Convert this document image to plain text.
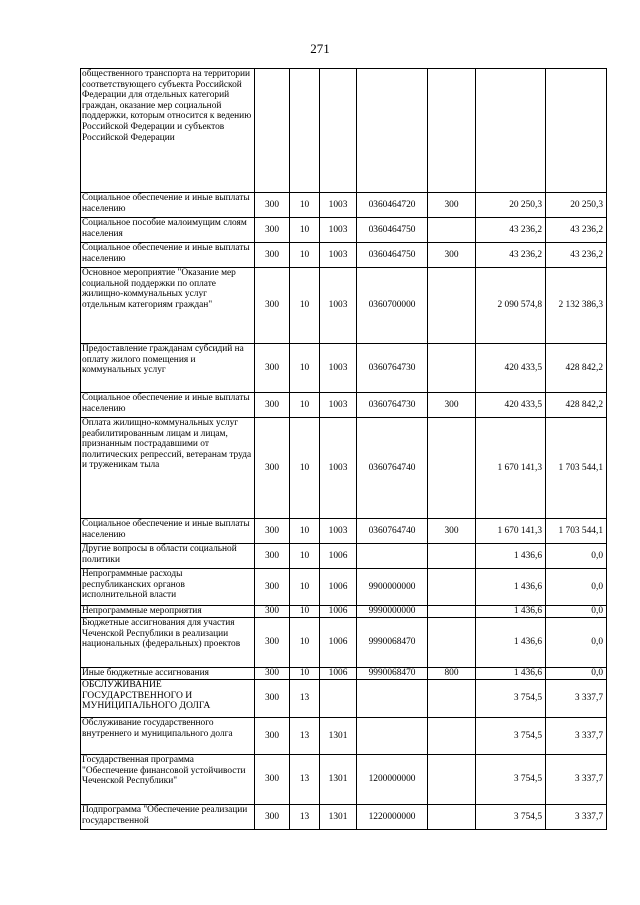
271
общественного транспорта на территории соответствующего субъекта Российской Федерации для отдельных категорий граждан, оказание мер социальной поддержки, которым относится к ведению Российской Федерации и субъектов Российской Федерации							
Социальное обеспечение и иные выплаты населению	300	10	1003	0360464720	300	20 250,3	20 250,3
Социальное пособие малоимущим слоям населения	300	10	1003	0360464750		43 236,2	43 236,2
Социальное обеспечение и иные выплаты населению	300	10	1003	0360464750	300	43 236,2	43 236,2
Основное мероприятие "Оказание мер социальной поддержки по оплате жилищно-коммунальных услуг отдельным категориям граждан"	300	10	1003	0360700000		2 090 574,8	2 132 386,3
Предоставление гражданам субсидий на оплату жилого помещения и коммунальных услуг	300	10	1003	0360764730		420 433,5	428 842,2
Социальное обеспечение и иные выплаты населению	300	10	1003	0360764730	300	420 433,5	428 842,2
Оплата жилищно-коммунальных услуг реабилитированным лицам и лицам, признанным пострадавшими от политических репрессий, ветеранам труда и труженикам тыла	300	10	1003	0360764740		1 670 141,3	1 703 544,1
Социальное обеспечение и иные выплаты населению	300	10	1003	0360764740	300	1 670 141,3	1 703 544,1
Другие вопросы в области социальной политики	300	10	1006			1 436,6	0,0
Непрограммные расходы республиканских органов исполнительной власти	300	10	1006	9900000000		1 436,6	0,0
Непрограммные мероприятия	300	10	1006	9990000000		1 436,6	0,0
Бюджетные ассигнования для участия Чеченской Республики в реализации национальных (федеральных) проектов	300	10	1006	9990068470		1 436,6	0,0
Иные бюджетные ассигнования	300	10	1006	9990068470	800	1 436,6	0,0
ОБСЛУЖИВАНИЕ ГОСУДАРСТВЕННОГО И МУНИЦИПАЛЬНОГО ДОЛГА	300	13				3 754,5	3 337,7
Обслуживание государственного внутреннего и муниципального долга	300	13	1301			3 754,5	3 337,7
Государственная программа "Обеспечение финансовой устойчивости Чеченской Республики"	300	13	1301	1200000000		3 754,5	3 337,7
Подпрограмма "Обеспечение реализации государственной	300	13	1301	1220000000		3 754,5	3 337,7
